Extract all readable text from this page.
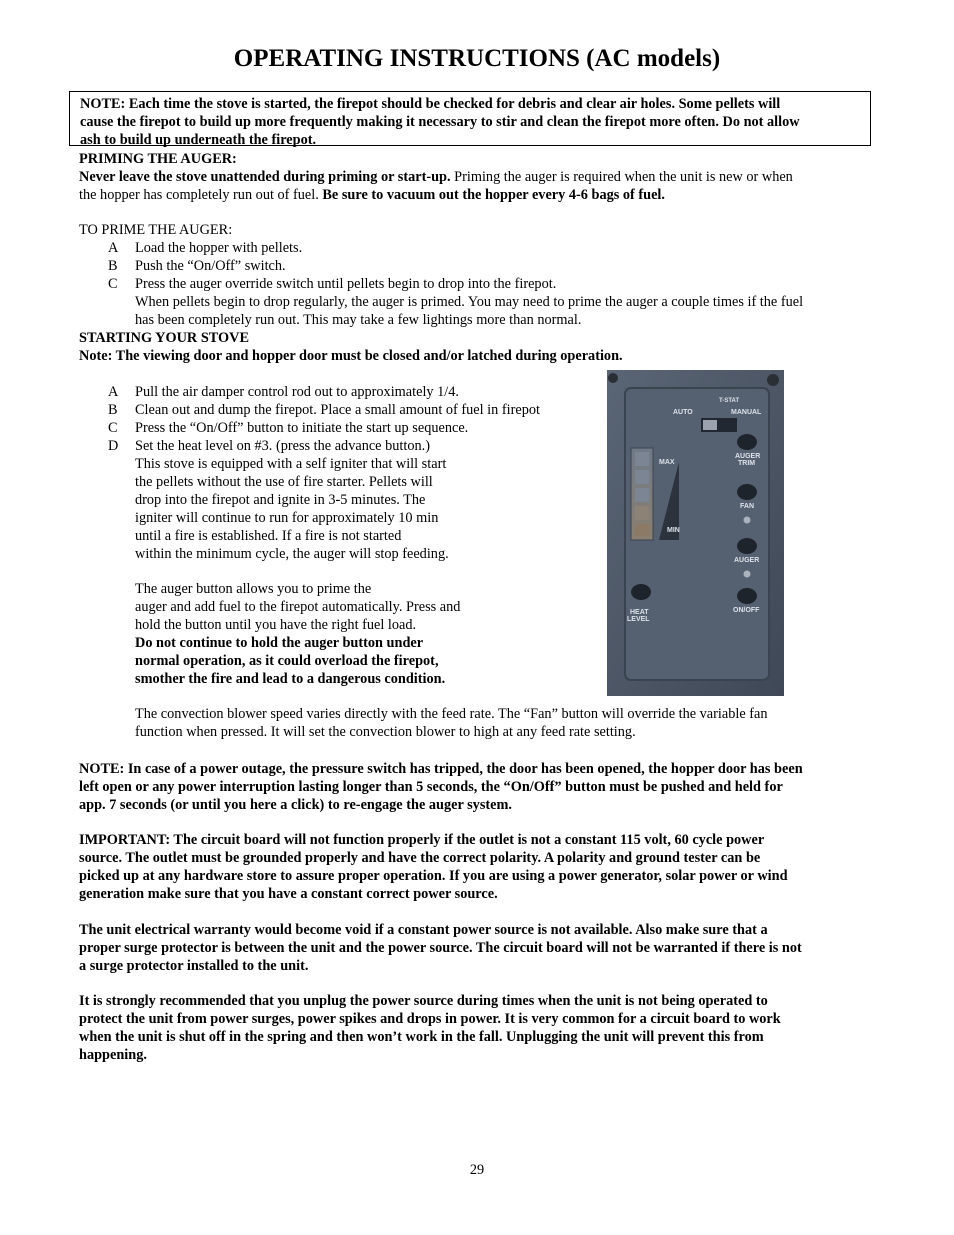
OPERATING INSTRUCTIONS (AC models)
NOTE: Each time the stove is started, the firepot should be checked for debris and clear air holes. Some pellets will
cause the firepot to build up more frequently making it necessary to stir and clean the firepot more often. Do not allow
ash to build up underneath the firepot.
PRIMING THE AUGER:
Never leave the stove unattended during priming or start-up. Priming the auger is required when the unit is new or when
the hopper has completely run out of fuel. Be sure to vacuum out the hopper every 4-6 bags of fuel.
TO PRIME THE AUGER:
A Load the hopper with pellets.
B Push the “On/Off” switch.
C Press the auger override switch until pellets begin to drop into the firepot.
When pellets begin to drop regularly, the auger is primed. You may need to prime the auger a couple times if the fuel
has been completely run out. This may take a few lightings more than normal.
STARTING YOUR STOVE
Note: The viewing door and hopper door must be closed and/or latched during operation.
A Pull the air damper control rod out to approximately 1/4.
B Clean out and dump the firepot. Place a small amount of fuel in firepot
C Press the “On/Off” button to initiate the start up sequence.
D Set the heat level on #3. (press the advance button.)
This stove is equipped with a self igniter that will start
the pellets without the use of fire starter. Pellets will
drop into the firepot and ignite in 3-5 minutes. The
igniter will continue to run for approximately 10 min
until a fire is established. If a fire is not started
within the minimum cycle, the auger will stop feeding.
The auger button allows you to prime the
auger and add fuel to the firepot automatically. Press and
hold the button until you have the right fuel load.
Do not continue to hold the auger button under
normal operation, as it could overload the firepot,
smother the fire and lead to a dangerous condition.
The convection blower speed varies directly with the feed rate. The “Fan” button will override the variable fan
function when pressed. It will set the convection blower to high at any feed rate setting.
T-STAT
AUTO	MANUAL
AUGER
TRIM
MAX
MIN
FAN
AUGER
ON/OFF
HEAT
LEVEL
NOTE: In case of a power outage, the pressure switch has tripped, the door has been opened, the hopper door has been
left open or any power interruption lasting longer than 5 seconds, the “On/Off” button must be pushed and held for
app. 7 seconds (or until you here a click) to re-engage the auger system.
IMPORTANT: The circuit board will not function properly if the outlet is not a constant 115 volt, 60 cycle power
source. The outlet must be grounded properly and have the correct polarity. A polarity and ground tester can be
picked up at any hardware store to assure proper operation. If you are using a power generator, solar power or wind
generation make sure that you have a constant correct power source.
The unit electrical warranty would become void if a constant power source is not available. Also make sure that a
proper surge protector is between the unit and the power source. The circuit board will not be warranted if there is not
a surge protector installed to the unit.
It is strongly recommended that you unplug the power source during times when the unit is not being operated to
protect the unit from power surges, power spikes and drops in power. It is very common for a circuit board to work
when the unit is shut off in the spring and then won’t work in the fall. Unplugging the unit will prevent this from
happening.
29
